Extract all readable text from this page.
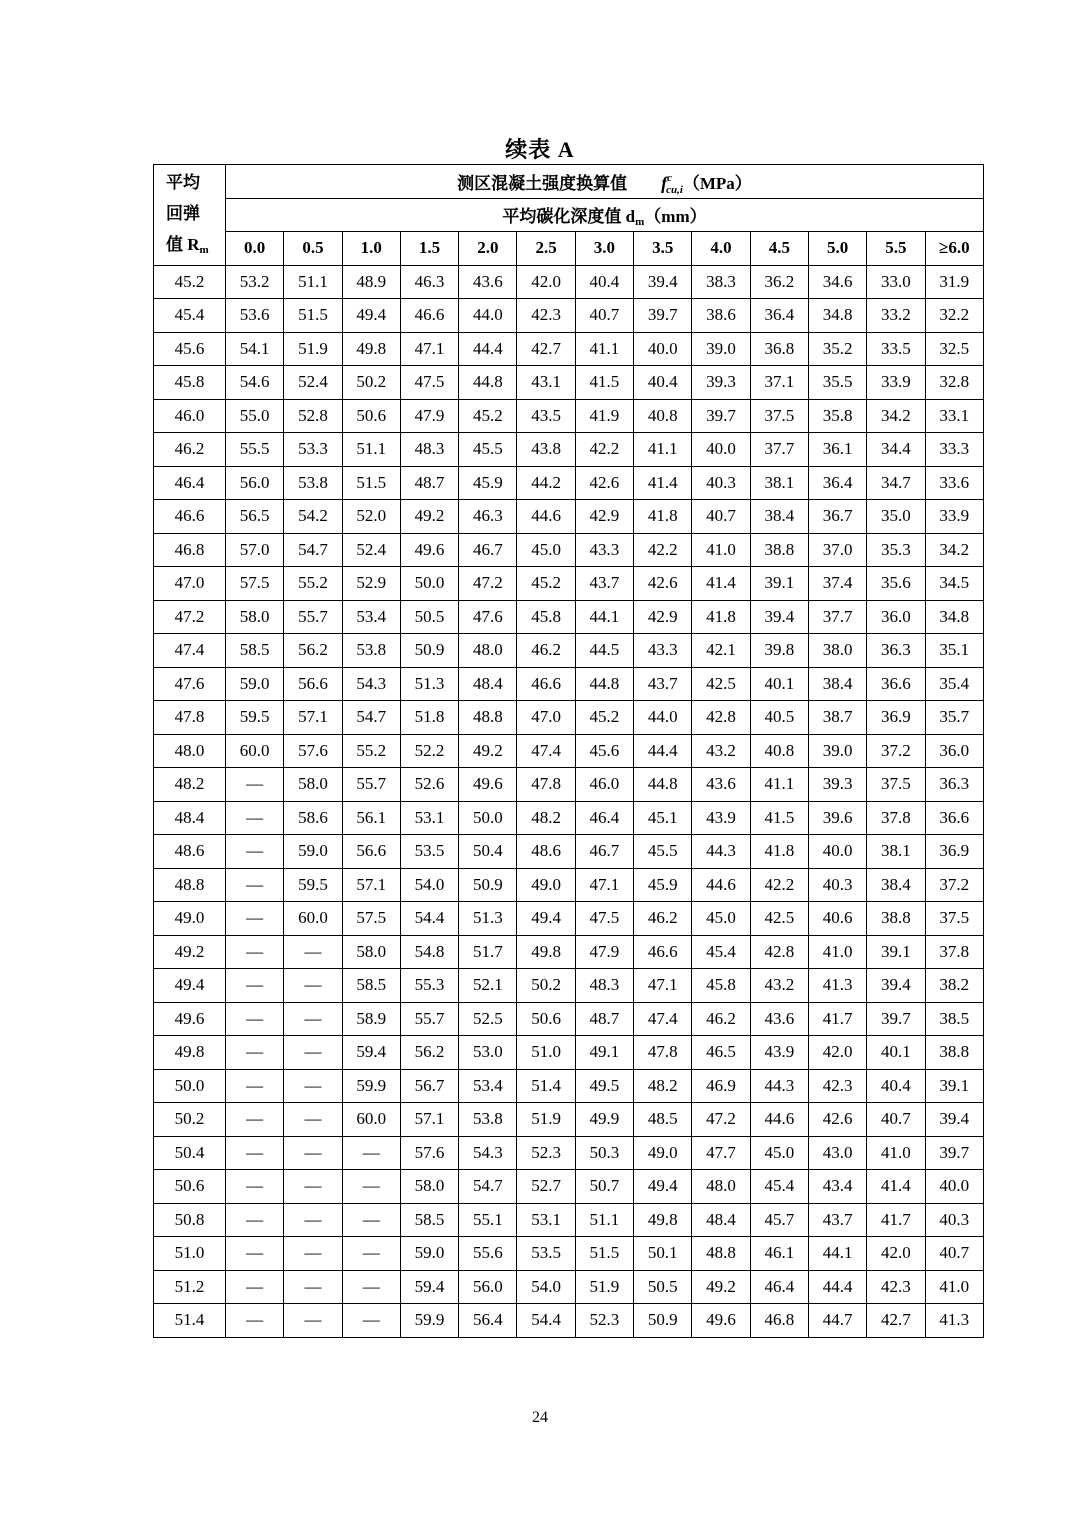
续表 A
平均
回弹
值 Rm	测区混凝土强度换算值 $f^c_{cu,i}(MPa)$												
	平均碳化深度值 dm（mm）												
	0.0	0.5	1.0	1.5	2.0	2.5	3.0	3.5	4.0	4.5	5.0	5.5	≥6.0
45.2	53.2	51.1	48.9	46.3	43.6	42.0	40.4	39.4	38.3	36.2	34.6	33.0	31.9
45.4	53.6	51.5	49.4	46.6	44.0	42.3	40.7	39.7	38.6	36.4	34.8	33.2	32.2
45.6	54.1	51.9	49.8	47.1	44.4	42.7	41.1	40.0	39.0	36.8	35.2	33.5	32.5
45.8	54.6	52.4	50.2	47.5	44.8	43.1	41.5	40.4	39.3	37.1	35.5	33.9	32.8
46.0	55.0	52.8	50.6	47.9	45.2	43.5	41.9	40.8	39.7	37.5	35.8	34.2	33.1
46.2	55.5	53.3	51.1	48.3	45.5	43.8	42.2	41.1	40.0	37.7	36.1	34.4	33.3
46.4	56.0	53.8	51.5	48.7	45.9	44.2	42.6	41.4	40.3	38.1	36.4	34.7	33.6
46.6	56.5	54.2	52.0	49.2	46.3	44.6	42.9	41.8	40.7	38.4	36.7	35.0	33.9
46.8	57.0	54.7	52.4	49.6	46.7	45.0	43.3	42.2	41.0	38.8	37.0	35.3	34.2
47.0	57.5	55.2	52.9	50.0	47.2	45.2	43.7	42.6	41.4	39.1	37.4	35.6	34.5
47.2	58.0	55.7	53.4	50.5	47.6	45.8	44.1	42.9	41.8	39.4	37.7	36.0	34.8
47.4	58.5	56.2	53.8	50.9	48.0	46.2	44.5	43.3	42.1	39.8	38.0	36.3	35.1
47.6	59.0	56.6	54.3	51.3	48.4	46.6	44.8	43.7	42.5	40.1	38.4	36.6	35.4
47.8	59.5	57.1	54.7	51.8	48.8	47.0	45.2	44.0	42.8	40.5	38.7	36.9	35.7
48.0	60.0	57.6	55.2	52.2	49.2	47.4	45.6	44.4	43.2	40.8	39.0	37.2	36.0
48.2	—	58.0	55.7	52.6	49.6	47.8	46.0	44.8	43.6	41.1	39.3	37.5	36.3
48.4	—	58.6	56.1	53.1	50.0	48.2	46.4	45.1	43.9	41.5	39.6	37.8	36.6
48.6	—	59.0	56.6	53.5	50.4	48.6	46.7	45.5	44.3	41.8	40.0	38.1	36.9
48.8	—	59.5	57.1	54.0	50.9	49.0	47.1	45.9	44.6	42.2	40.3	38.4	37.2
49.0	—	60.0	57.5	54.4	51.3	49.4	47.5	46.2	45.0	42.5	40.6	38.8	37.5
49.2	—	—	58.0	54.8	51.7	49.8	47.9	46.6	45.4	42.8	41.0	39.1	37.8
49.4	—	—	58.5	55.3	52.1	50.2	48.3	47.1	45.8	43.2	41.3	39.4	38.2
49.6	—	—	58.9	55.7	52.5	50.6	48.7	47.4	46.2	43.6	41.7	39.7	38.5
49.8	—	—	59.4	56.2	53.0	51.0	49.1	47.8	46.5	43.9	42.0	40.1	38.8
50.0	—	—	59.9	56.7	53.4	51.4	49.5	48.2	46.9	44.3	42.3	40.4	39.1
50.2	—	—	60.0	57.1	53.8	51.9	49.9	48.5	47.2	44.6	42.6	40.7	39.4
50.4	—	—	—	57.6	54.3	52.3	50.3	49.0	47.7	45.0	43.0	41.0	39.7
50.6	—	—	—	58.0	54.7	52.7	50.7	49.4	48.0	45.4	43.4	41.4	40.0
50.8	—	—	—	58.5	55.1	53.1	51.1	49.8	48.4	45.7	43.7	41.7	40.3
51.0	—	—	—	59.0	55.6	53.5	51.5	50.1	48.8	46.1	44.1	42.0	40.7
51.2	—	—	—	59.4	56.0	54.0	51.9	50.5	49.2	46.4	44.4	42.3	41.0
51.4	—	—	—	59.9	56.4	54.4	52.3	50.9	49.6	46.8	44.7	42.7	41.3
24
